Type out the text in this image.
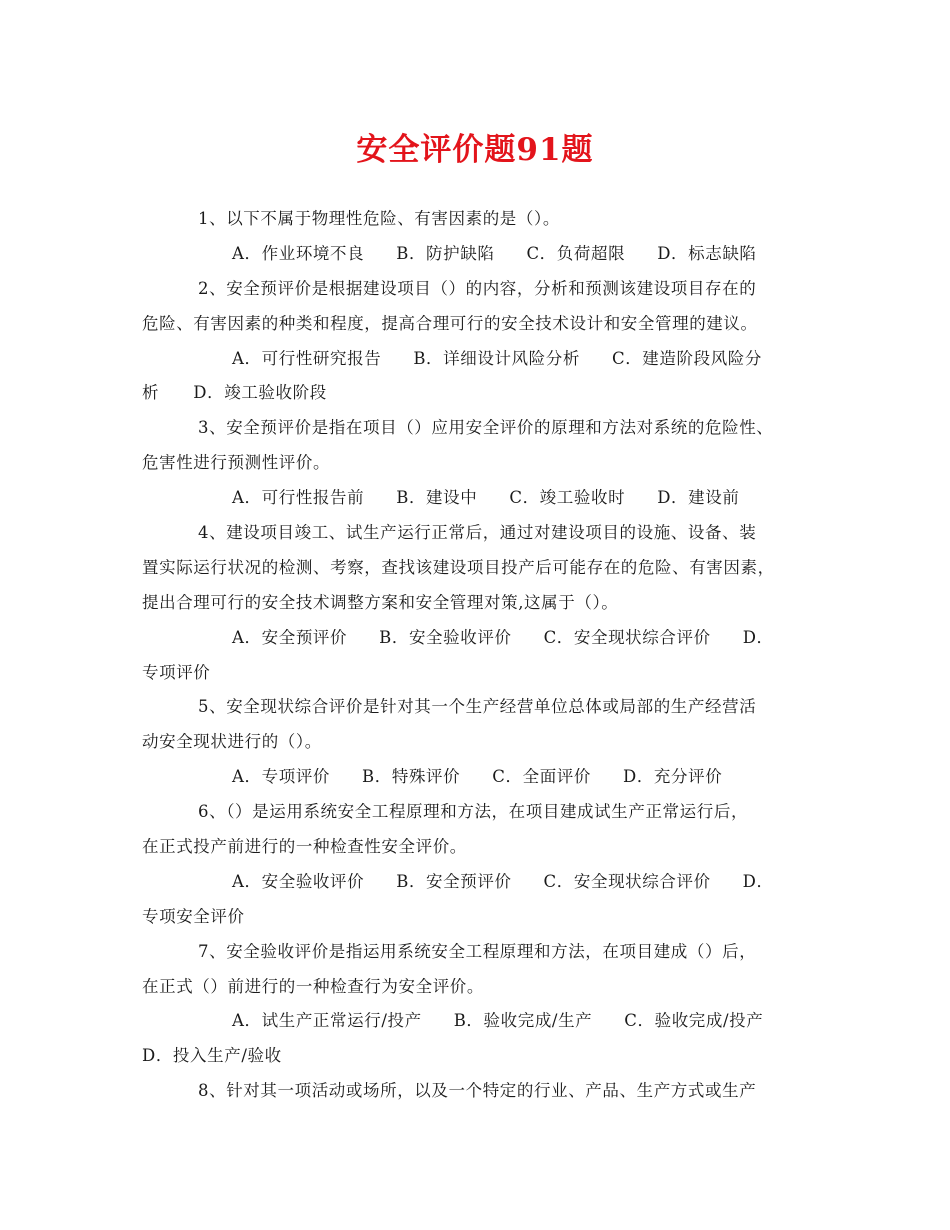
安全评价题91题
1、以下不属于物理性危险、有害因素的是（）。
A．作业环境不良 B．防护缺陷 C．负荷超限 D．标志缺陷
2、安全预评价是根据建设项目（）的内容，分析和预测该建设项目存在的
危险、有害因素的种类和程度，提高合理可行的安全技术设计和安全管理的建议。
A．可行性研究报告 B．详细设计风险分析 C．建造阶段风险分
析　　D．竣工验收阶段
3、安全预评价是指在项目（）应用安全评价的原理和方法对系统的危险性、
危害性进行预测性评价。
A．可行性报告前 B．建设中 C．竣工验收时 D．建设前
4、建设项目竣工、试生产运行正常后，通过对建设项目的设施、设备、装
置实际运行状况的检测、考察，查找该建设项目投产后可能存在的危险、有害因素，
提出合理可行的安全技术调整方案和安全管理对策,这属于（）。
A．安全预评价 B．安全验收评价 C．安全现状综合评价 D．
专项评价
5、安全现状综合评价是针对其一个生产经营单位总体或局部的生产经营活
动安全现状进行的（）。
A．专项评价 B．特殊评价 C．全面评价 D．充分评价
6、（）是运用系统安全工程原理和方法，在项目建成试生产正常运行后，
在正式投产前进行的一种检查性安全评价。
A．安全验收评价 B．安全预评价 C．安全现状综合评价 D．
专项安全评价
7、安全验收评价是指运用系统安全工程原理和方法，在项目建成（）后，
在正式（）前进行的一种检查行为安全评价。
A．试生产正常运行/投产 B．验收完成/生产 C．验收完成/投产
D．投入生产/验收
8、针对其一项活动或场所，以及一个特定的行业、产品、生产方式或生产
